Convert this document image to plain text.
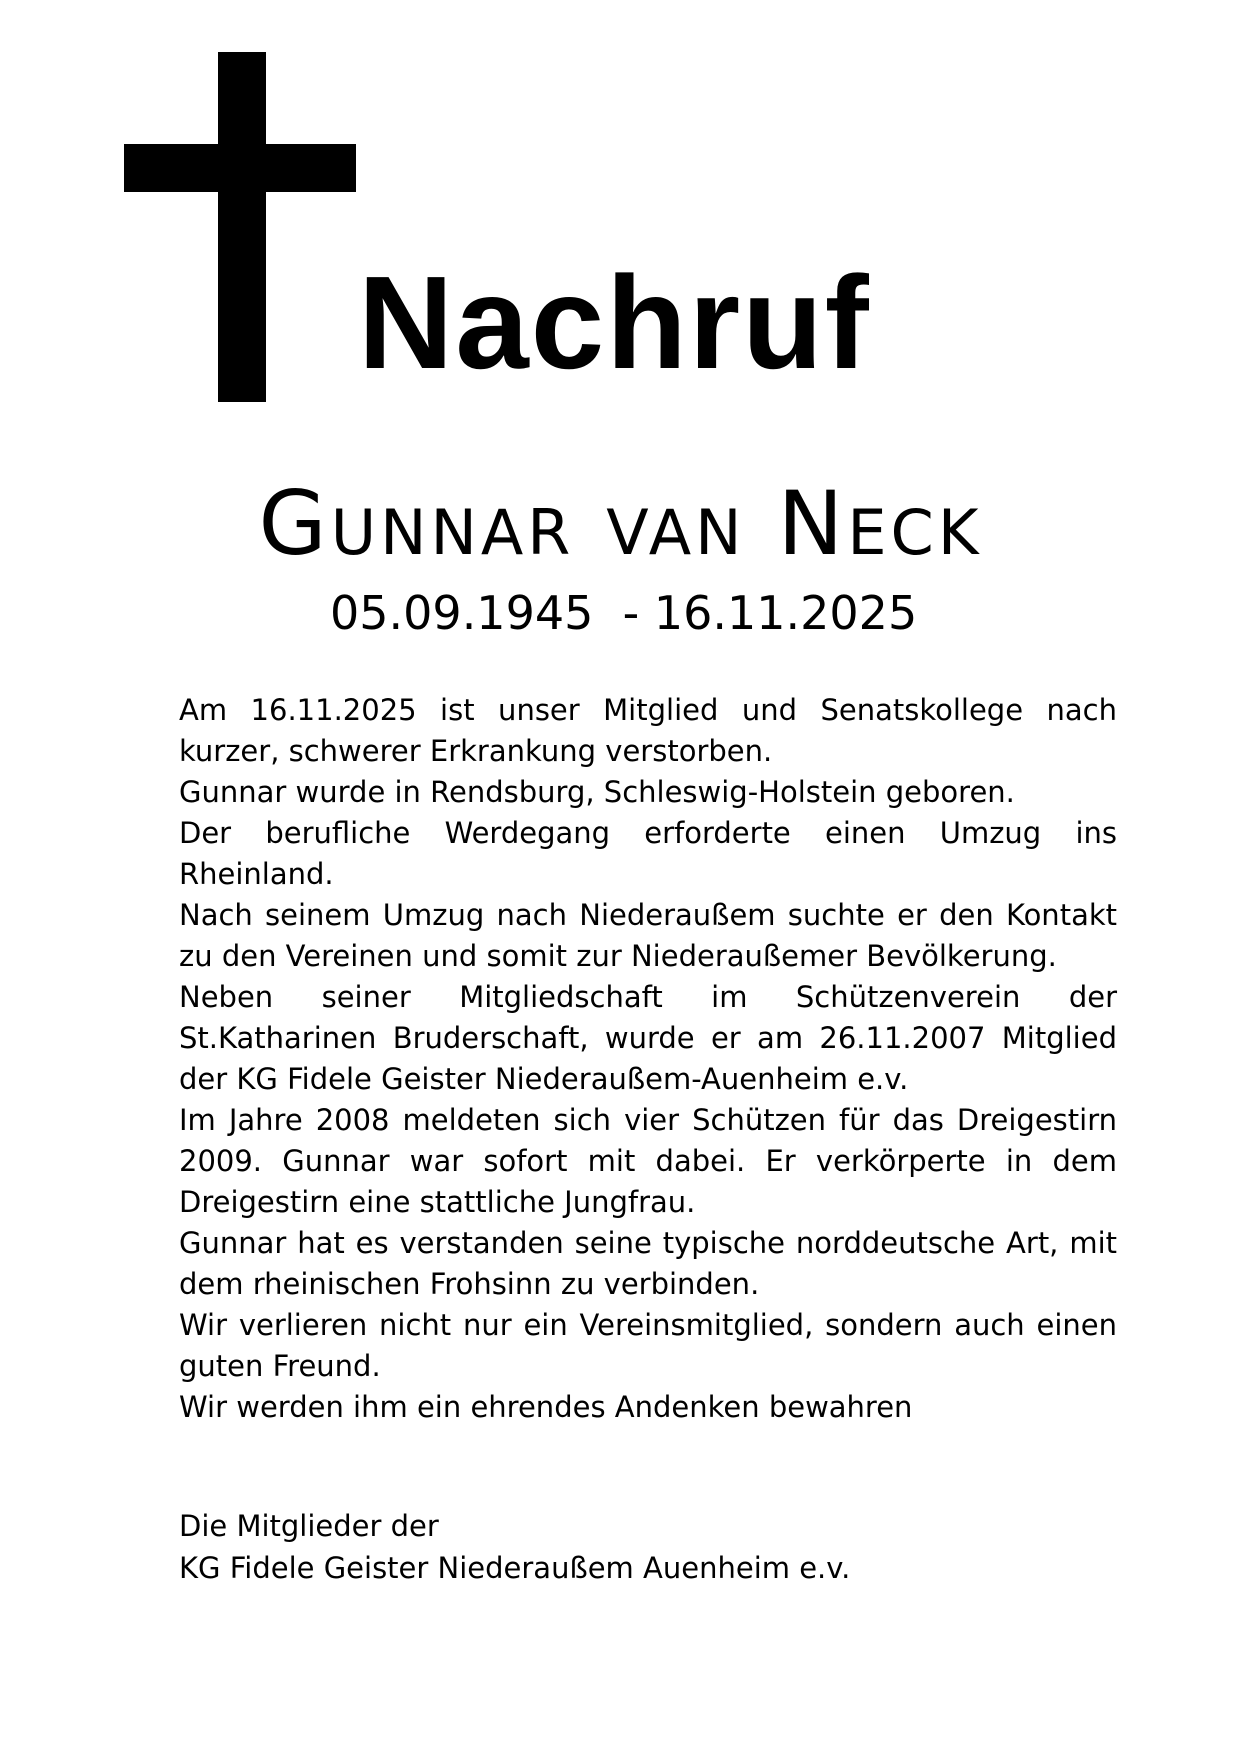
Nachruf
Gunnar van Neck
05.09.1945  - 16.11.2025

Am 16.11.2025 ist unser Mitglied und Senatskollege nach kurzer, schwerer Erkrankung verstorben.

Gunnar wurde in Rendsburg, Schleswig-Holstein geboren.

Der berufliche Werdegang erforderte einen Umzug ins Rheinland.

Nach seinem Umzug nach Niederaußem suchte er den Kontakt zu den Vereinen und somit zur Niederaußemer Bevölkerung.

Neben seiner Mitgliedschaft im Schützenverein der St.Katharinen Bruderschaft, wurde er am 26.11.2007 Mitglied der KG Fidele Geister Niederaußem-Auenheim e.v.

Im Jahre 2008 meldeten sich vier Schützen für das Dreigestirn 2009. Gunnar war sofort mit dabei. Er verkörperte in dem Dreigestirn eine stattliche Jungfrau.

Gunnar hat es verstanden seine typische norddeutsche Art, mit dem rheinischen Frohsinn zu verbinden.

Wir verlieren nicht nur ein Vereinsmitglied, sondern auch einen guten Freund.

Wir werden ihm ein ehrendes Andenken bewahren

Die Mitglieder der
KG Fidele Geister Niederaußem Auenheim e.v.
